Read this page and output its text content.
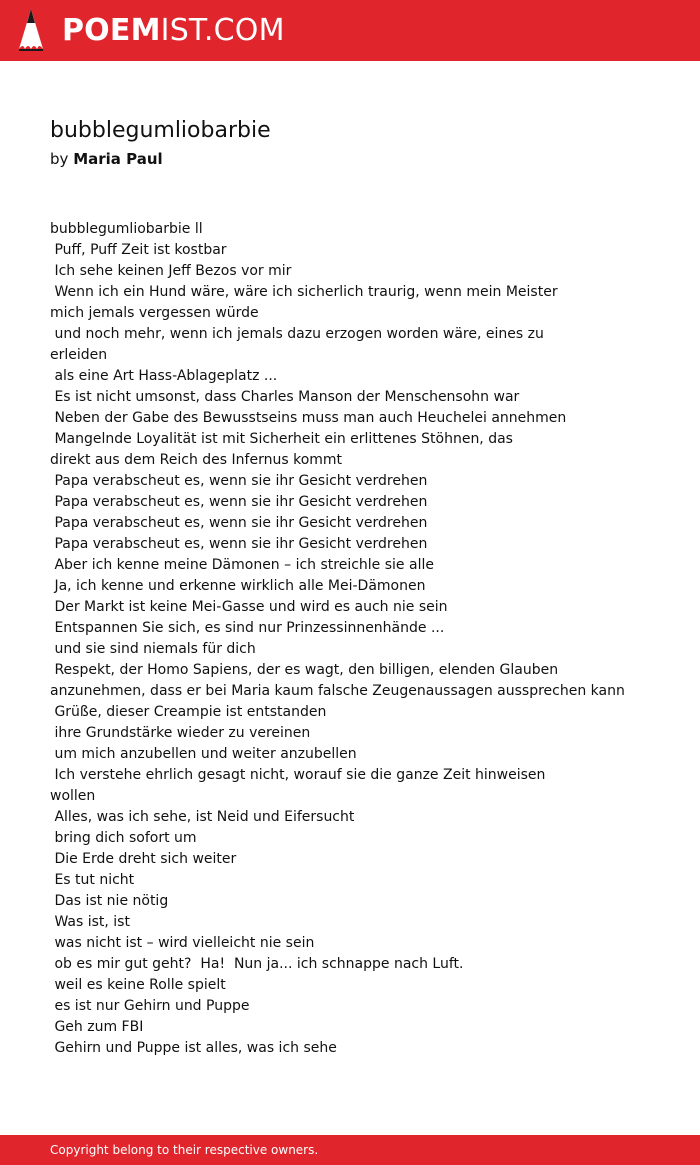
POEMIST.COM
bubblegumliobarbie
by Maria Paul
bubblegumliobarbie ll
Puff, Puff Zeit ist kostbar
Ich sehe keinen Jeff Bezos vor mir
Wenn ich ein Hund wäre, wäre ich sicherlich traurig, wenn mein Meister
mich jemals vergessen würde
und noch mehr, wenn ich jemals dazu erzogen worden wäre, eines zu
erleiden
als eine Art Hass-Ablageplatz ...
Es ist nicht umsonst, dass Charles Manson der Menschensohn war
Neben der Gabe des Bewusstseins muss man auch Heuchelei annehmen
Mangelnde Loyalität ist mit Sicherheit ein erlittenes Stöhnen, das
direkt aus dem Reich des Infernus kommt
Papa verabscheut es, wenn sie ihr Gesicht verdrehen
Papa verabscheut es, wenn sie ihr Gesicht verdrehen
Papa verabscheut es, wenn sie ihr Gesicht verdrehen
Papa verabscheut es, wenn sie ihr Gesicht verdrehen
Aber ich kenne meine Dämonen – ich streichle sie alle
Ja, ich kenne und erkenne wirklich alle Mei-Dämonen
Der Markt ist keine Mei-Gasse und wird es auch nie sein
Entspannen Sie sich, es sind nur Prinzessinnenhände ...
und sie sind niemals für dich
Respekt, der Homo Sapiens, der es wagt, den billigen, elenden Glauben
anzunehmen, dass er bei Maria kaum falsche Zeugenaussagen aussprechen kann
Grüße, dieser Creampie ist entstanden
ihre Grundstärke wieder zu vereinen
um mich anzubellen und weiter anzubellen
Ich verstehe ehrlich gesagt nicht, worauf sie die ganze Zeit hinweisen
wollen
Alles, was ich sehe, ist Neid und Eifersucht
bring dich sofort um
Die Erde dreht sich weiter
Es tut nicht
Das ist nie nötig
Was ist, ist
was nicht ist – wird vielleicht nie sein
ob es mir gut geht?  Ha!  Nun ja... ich schnappe nach Luft.
weil es keine Rolle spielt
es ist nur Gehirn und Puppe
Geh zum FBI
Gehirn und Puppe ist alles, was ich sehe
Copyright belong to their respective owners.
